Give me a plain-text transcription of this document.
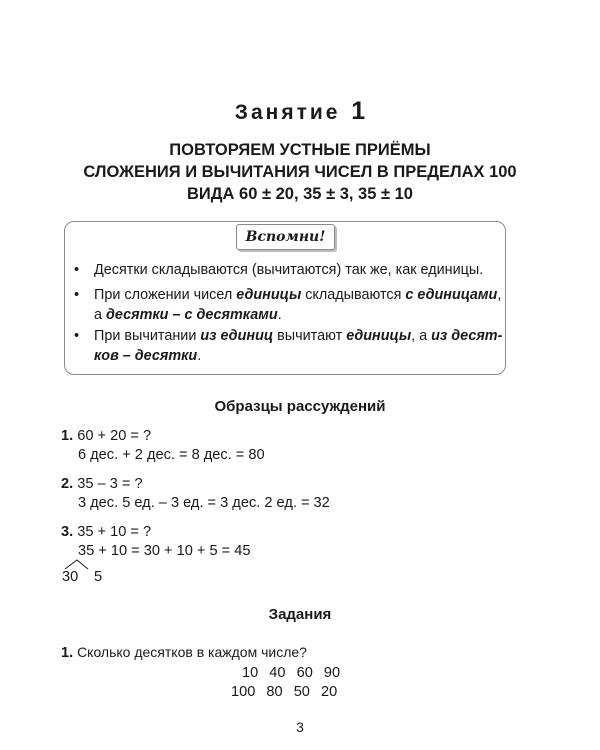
Занятие 1
ПОВТОРЯЕМ УСТНЫЕ ПРИЁМЫ
СЛОЖЕНИЯ И ВЫЧИТАНИЯ ЧИСЕЛ В ПРЕДЕЛАХ 100
ВИДА 60 ± 20, 35 ± 3, 35 ± 10
Вспомни!
• Десятки складываются (вычитаются) так же, как единицы.
• При сложении чисел единицы складываются с единицами, а десятки – с десятками.
• При вычитании из единиц вычитают единицы, а из десят-ков – десятки.
Образцы рассуждений
1. 60 + 20 = ?
6 дес. + 2 дес. = 8 дес. = 80
2. 35 – 3 = ?
3 дес. 5 ед. – 3 ед. = 3 дес. 2 ед. = 32
3. 35 + 10 = ?
35 + 10 = 30 + 10 + 5 = 45
30 5
Задания
1. Сколько десятков в каждом числе?
10 40 60 90
100 80 50 20
3
